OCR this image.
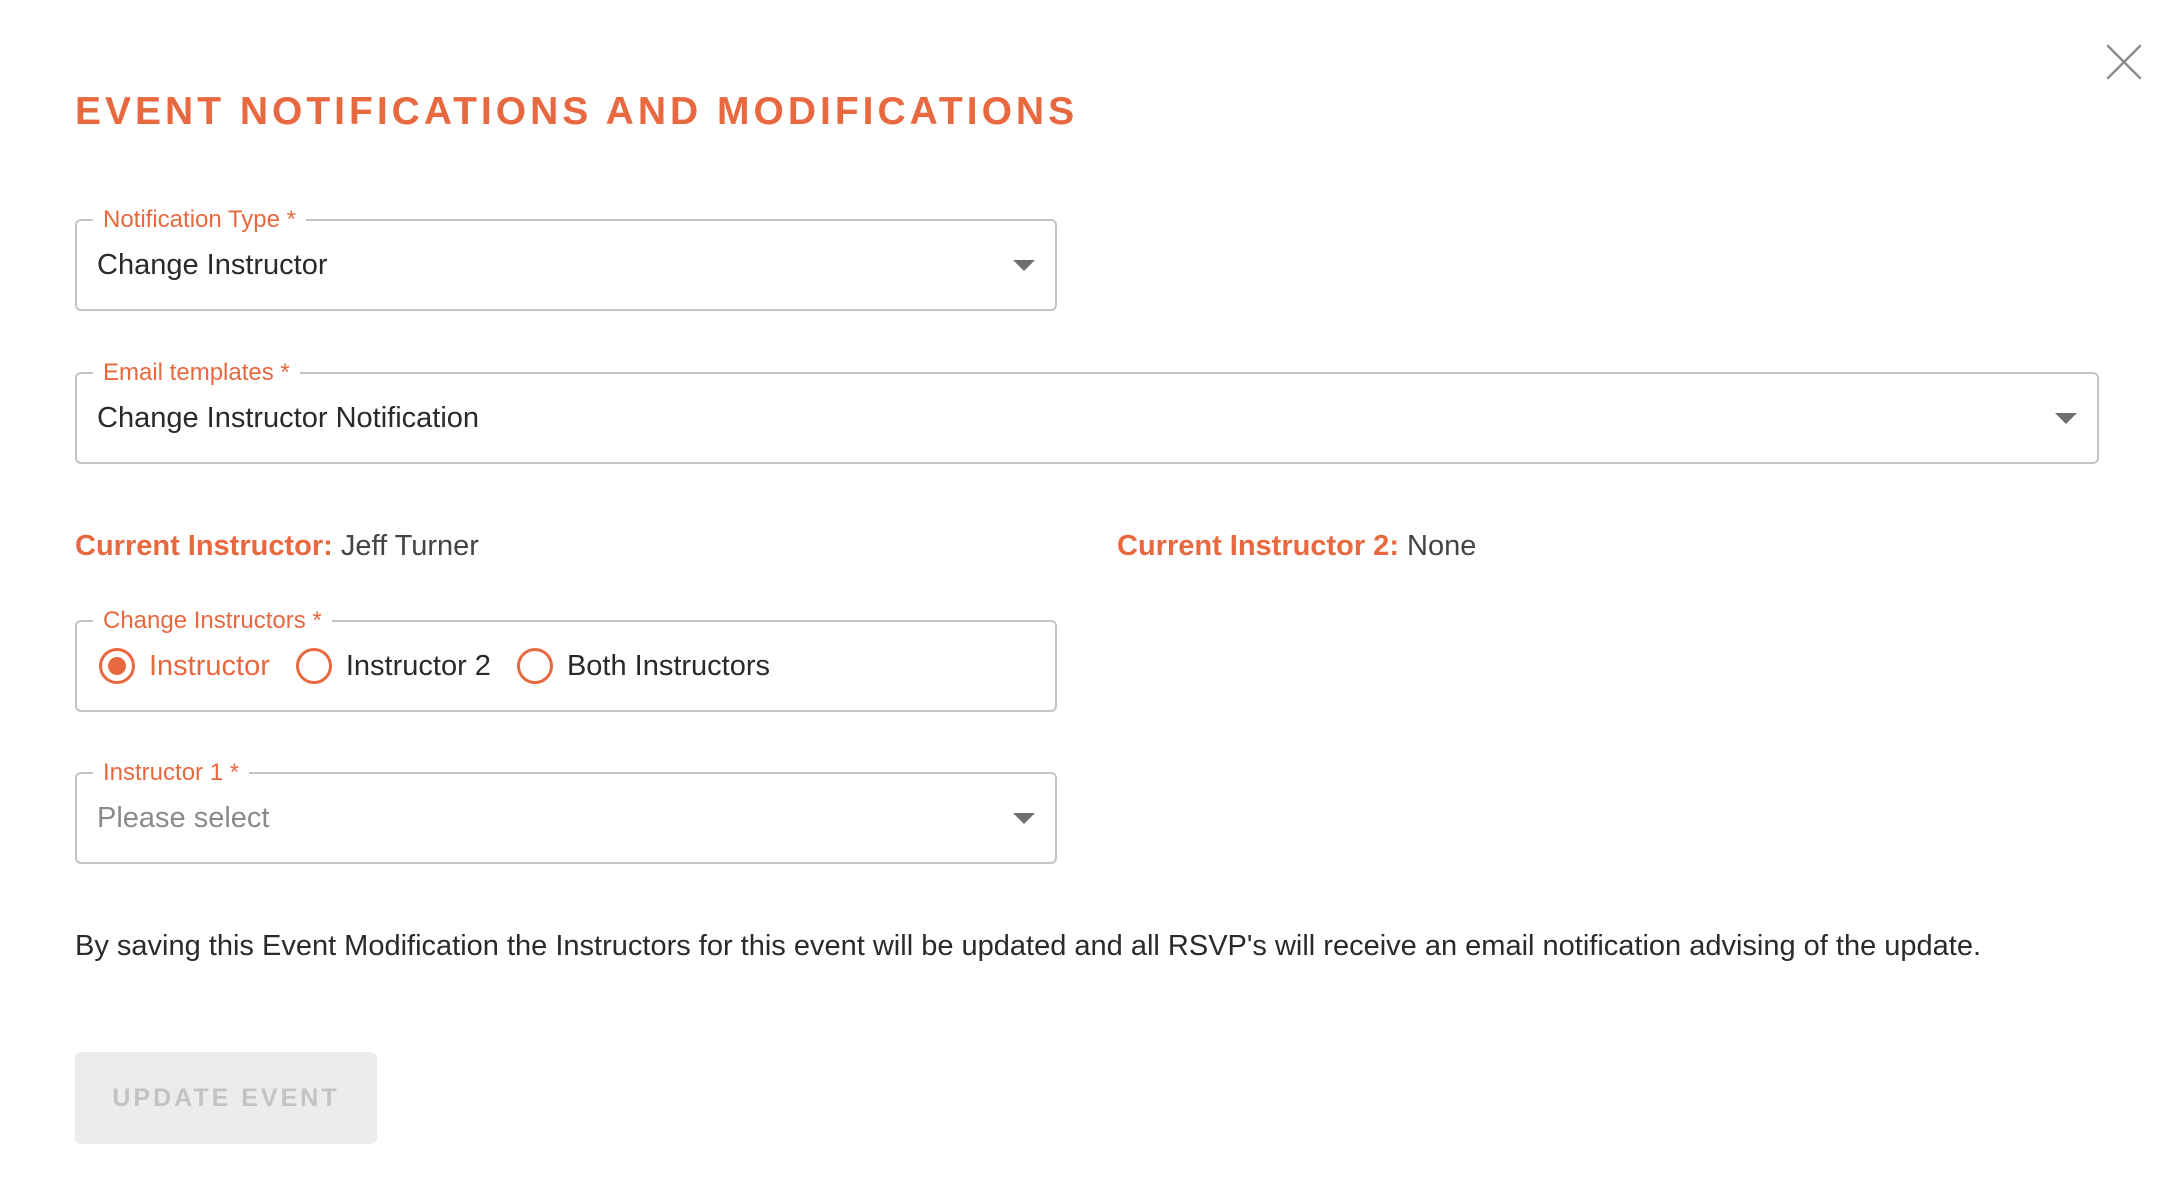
EVENT NOTIFICATIONS AND MODIFICATIONS
Notification Type *
Change Instructor
Email templates *
Change Instructor Notification
Current Instructor: Jeff Turner	Current Instructor 2: None
Change Instructors *
Instructor	Instructor 2	Both Instructors
Instructor 1 *
Please select

By saving this Event Modification the Instructors for this event will be updated and all RSVP's will receive an email notification advising of the update.

UPDATE EVENT
